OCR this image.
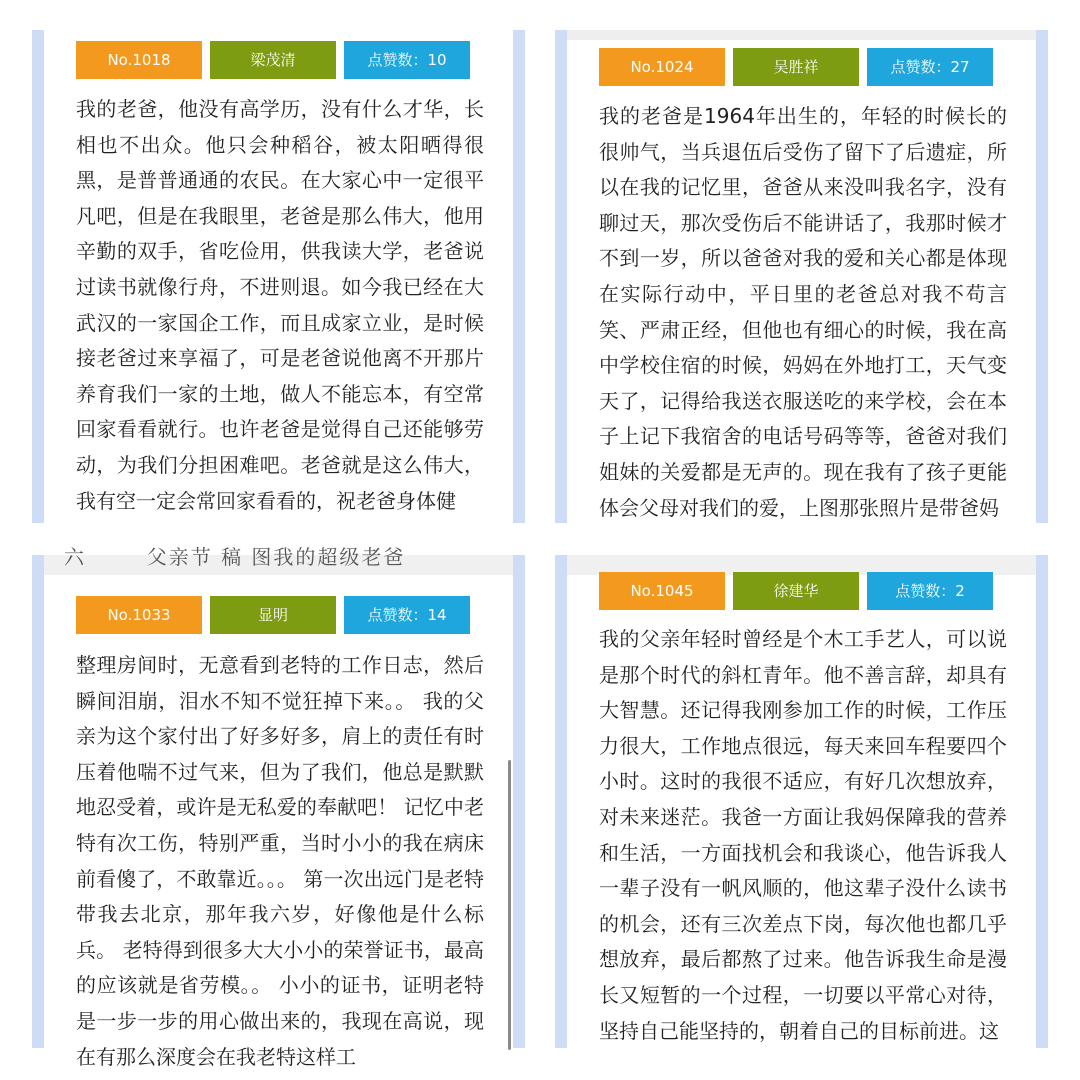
No.1018	梁茂清	点赞数：10

我的老爸，他没有高学历，没有什么才华，长相也不出众。他只会种稻谷，被太阳晒得很黑，是普普通通的农民。在大家心中一定很平凡吧，但是在我眼里，老爸是那么伟大，他用辛勤的双手，省吃俭用，供我读大学，老爸说过读书就像行舟，不进则退。如今我已经在大武汉的一家国企工作，而且成家立业，是时候接老爸过来享福了，可是老爸说他离不开那片养育我们一家的土地，做人不能忘本，有空常回家看看就行。也许老爸是觉得自己还能够劳动，为我们分担困难吧。老爸就是这么伟大，我有空一定会常回家看看的，祝老爸身体健

No.1024	吴胜祥	点赞数：27

我的老爸是1964年出生的，年轻的时候长的很帅气，当兵退伍后受伤了留下了后遗症，所以在我的记忆里，爸爸从来没叫我名字，没有聊过天，那次受伤后不能讲话了，我那时候才不到一岁，所以爸爸对我的爱和关心都是体现在实际行动中，平日里的老爸总对我不苟言笑、严肃正经，但他也有细心的时候，我在高中学校住宿的时候，妈妈在外地打工，天气变天了，记得给我送衣服送吃的来学校，会在本子上记下我宿舍的电话号码等等，爸爸对我们姐妹的关爱都是无声的。现在我有了孩子更能体会父母对我们的爱，上图那张照片是带爸妈

六 　　 父亲节 稿 图我的超级老爸
No.1033	显明	点赞数：14

整理房间时，无意看到老特的工作日志，然后瞬间泪崩，泪水不知不觉狂掉下来。。 我的父亲为这个家付出了好多好多，肩上的责任有时压着他喘不过气来，但为了我们，他总是默默地忍受着，或许是无私爱的奉献吧！ 记忆中老特有次工伤，特别严重，当时小小的我在病床前看傻了，不敢靠近。。。 第一次出远门是老特带我去北京，那年我六岁，好像他是什么标兵。 老特得到很多大大小小的荣誉证书，最高的应该就是省劳模。。 小小的证书，证明老特是一步一步的用心做出来的，我现在高说，现在有那么深度会在我老特这样工

No.1045	徐建华	点赞数：2

我的父亲年轻时曾经是个木工手艺人，可以说是那个时代的斜杠青年。他不善言辞，却具有大智慧。还记得我刚参加工作的时候，工作压力很大，工作地点很远，每天来回车程要四个小时。这时的我很不适应，有好几次想放弃，对未来迷茫。我爸一方面让我妈保障我的营养和生活，一方面找机会和我谈心，他告诉我人一辈子没有一帆风顺的，他这辈子没什么读书的机会，还有三次差点下岗，每次他也都几乎想放弃，最后都熬了过来。他告诉我生命是漫长又短暂的一个过程，一切要以平常心对待，坚持自己能坚持的，朝着自己的目标前进。这
